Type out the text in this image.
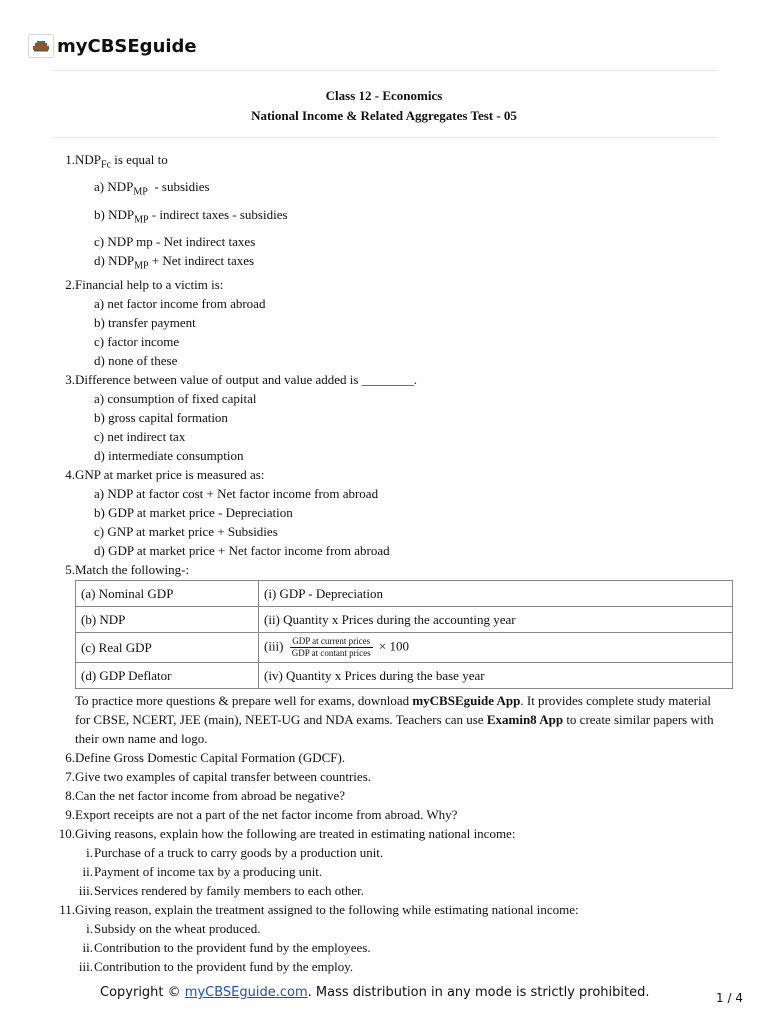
myCBSEguide
Class 12 - Economics
National Income & Related Aggregates Test - 05
1. $NDP_{Fc}$ is equal to
a) $NDP_{MP}$  - subsidies
b) $NDP_{MP}$ - indirect taxes - subsidies
c) NDP mp - Net indirect taxes
d) $NDP_{MP}$ + Net indirect taxes
2. Financial help to a victim is:
a) net factor income from abroad
b) transfer payment
c) factor income
d) none of these
3. Difference between value of output and value added is ________.
a) consumption of fixed capital
b) gross capital formation
c) net indirect tax
d) intermediate consumption
4. GNP at market price is measured as:
a) NDP at factor cost + Net factor income from abroad
b) GDP at market price - Depreciation
c) GNP at market price + Subsidies
d) GDP at market price + Net factor income from abroad
5. Match the following-:
(a) Nominal GDP	(i) GDP - Depreciation
(b) NDP	(ii) Quantity x Prices during the accounting year
(c) Real GDP	$(iii) \frac{\text{GDP at current prices}}{\text{GDP at contant prices}} \times 100$
(d) GDP Deflator	(iv) Quantity x Prices during the base year
To practice more questions & prepare well for exams, download myCBSEguide App. It provides complete study material for CBSE, NCERT, JEE (main), NEET-UG and NDA exams. Teachers can use Examin8 App to create similar papers with their own name and logo.
6. Define Gross Domestic Capital Formation (GDCF).
7. Give two examples of capital transfer between countries.
8. Can the net factor income from abroad be negative?
9. Export receipts are not a part of the net factor income from abroad. Why?
10. Giving reasons, explain how the following are treated in estimating national income:
i. Purchase of a truck to carry goods by a production unit.
ii. Payment of income tax by a producing unit.
iii. Services rendered by family members to each other.
11. Giving reason, explain the treatment assigned to the following while estimating national income:
i. Subsidy on the wheat produced.
ii. Contribution to the provident fund by the employees.
iii. Contribution to the provident fund by the employ.
Copyright © myCBSEguide.com. Mass distribution in any mode is strictly prohibited.	1 / 4
